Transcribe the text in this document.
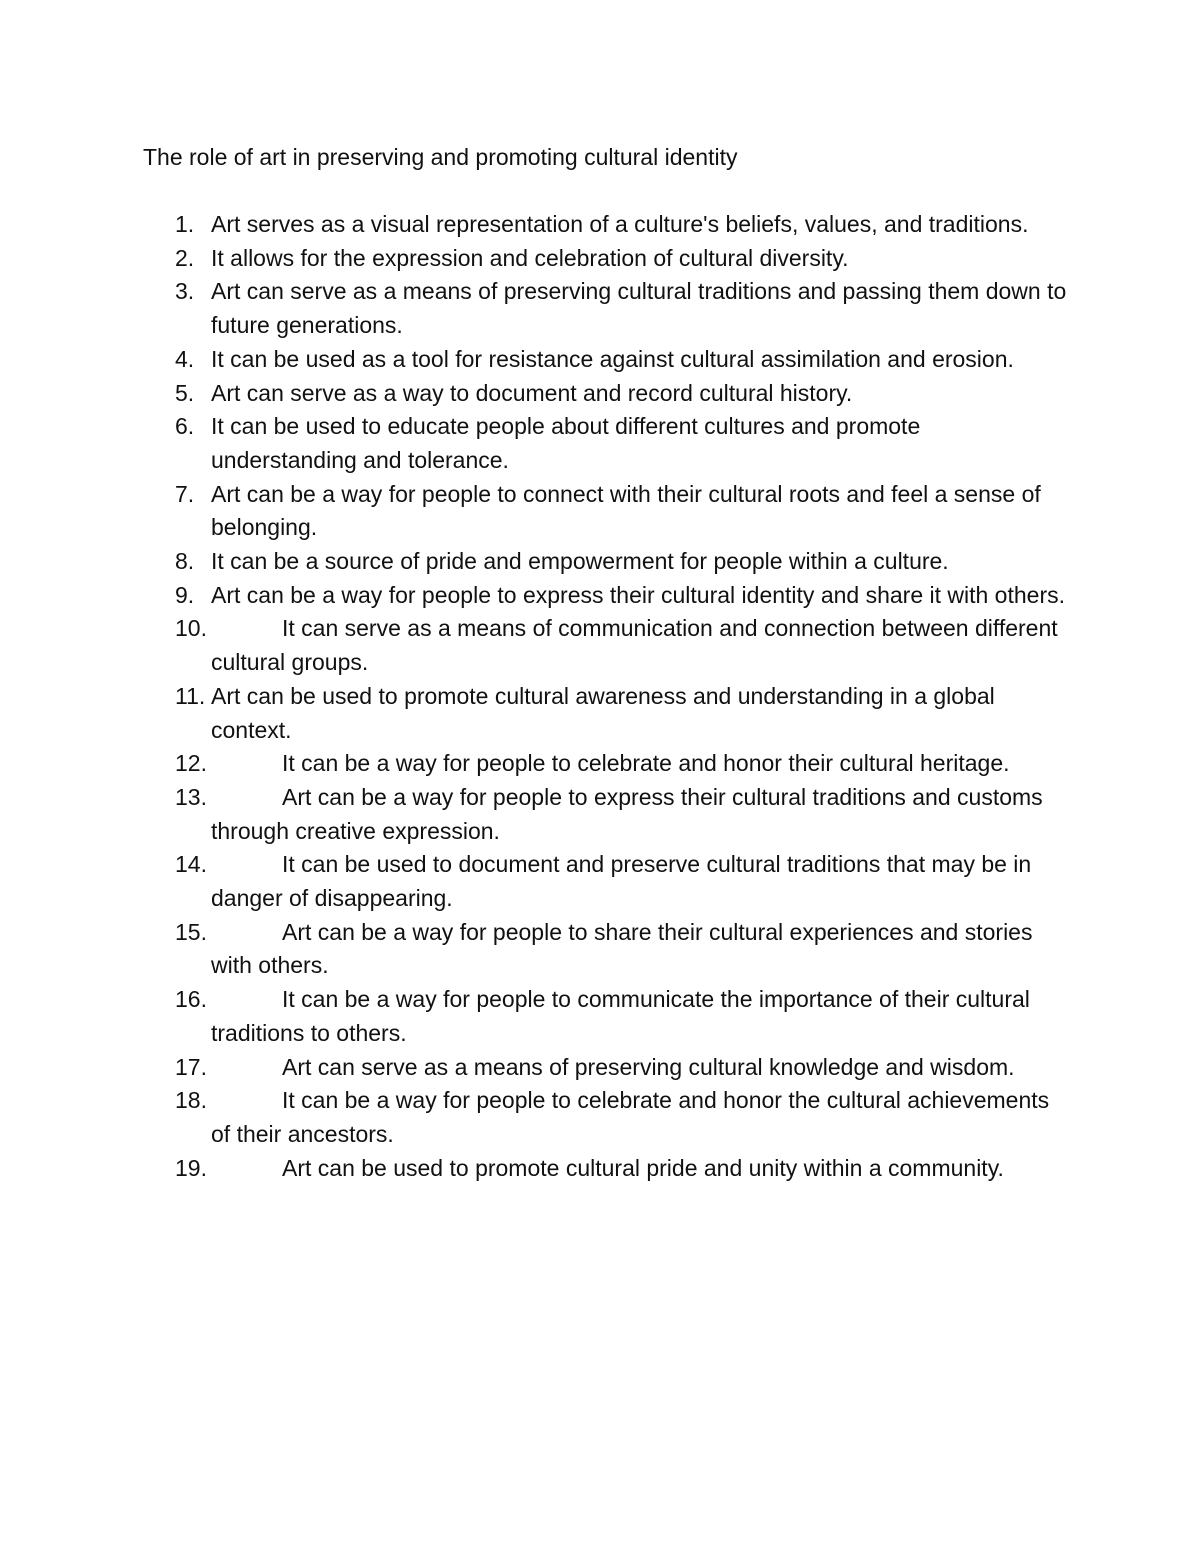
The role of art in preserving and promoting cultural identity
1. Art serves as a visual representation of a culture's beliefs, values, and traditions.
2. It allows for the expression and celebration of cultural diversity.
3. Art can serve as a means of preserving cultural traditions and passing them down to future generations.
4. It can be used as a tool for resistance against cultural assimilation and erosion.
5. Art can serve as a way to document and record cultural history.
6. It can be used to educate people about different cultures and promote understanding and tolerance.
7. Art can be a way for people to connect with their cultural roots and feel a sense of belonging.
8. It can be a source of pride and empowerment for people within a culture.
9. Art can be a way for people to express their cultural identity and share it with others.
10.	It can serve as a means of communication and connection between different cultural groups.
11. Art can be used to promote cultural awareness and understanding in a global context.
12.	It can be a way for people to celebrate and honor their cultural heritage.
13.	Art can be a way for people to express their cultural traditions and customs through creative expression.
14.	It can be used to document and preserve cultural traditions that may be in danger of disappearing.
15.	Art can be a way for people to share their cultural experiences and stories with others.
16.	It can be a way for people to communicate the importance of their cultural traditions to others.
17.	Art can serve as a means of preserving cultural knowledge and wisdom.
18.	It can be a way for people to celebrate and honor the cultural achievements of their ancestors.
19.	Art can be used to promote cultural pride and unity within a community.
